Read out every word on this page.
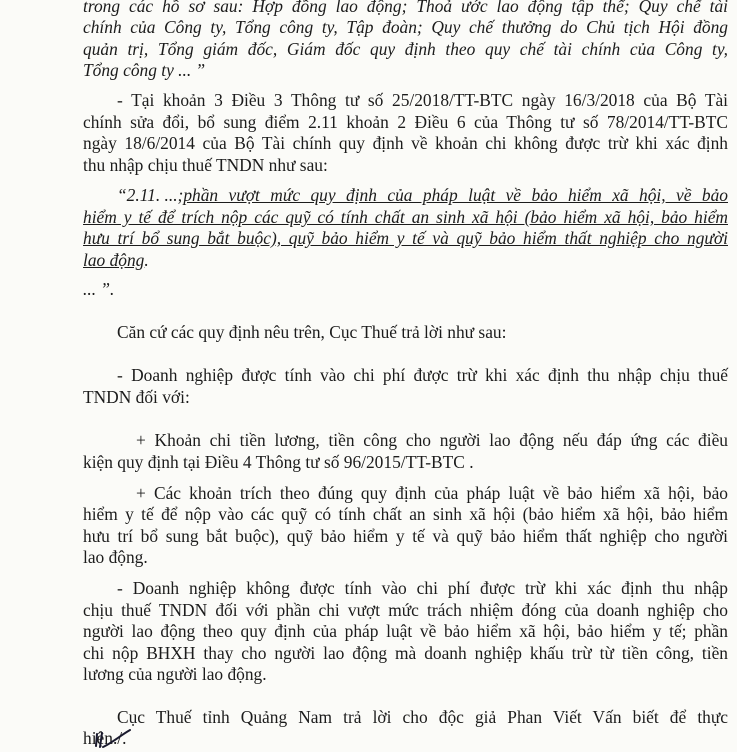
trong các hồ sơ sau: Hợp đồng lao động; Thoả ước lao động tập thể; Quy chế tài
chính của Công ty, Tổng công ty, Tập đoàn; Quy chế thưởng do Chủ tịch Hội đồng
quản trị, Tổng giám đốc, Giám đốc quy định theo quy chế tài chính của Công ty,
Tổng công ty ... ”
- Tại khoản 3 Điều 3 Thông tư số 25/2018/TT-BTC ngày 16/3/2018 của Bộ Tài
chính sửa đổi, bổ sung điểm 2.11 khoản 2 Điều 6 của Thông tư số 78/2014/TT-BTC
ngày 18/6/2014 của Bộ Tài chính quy định về khoản chi không được trừ khi xác định
thu nhập chịu thuế TNDN như sau:
“2.11. ...; phần vượt mức quy định của pháp luật về bảo hiểm xã hội, về bảo
hiểm y tế để trích nộp các quỹ có tính chất an sinh xã hội (bảo hiểm xã hội, bảo hiểm
hưu trí bổ sung bắt buộc), quỹ bảo hiểm y tế và quỹ bảo hiểm thất nghiệp cho người
lao động.
... ”.
Căn cứ các quy định nêu trên, Cục Thuế trả lời như sau:
- Doanh nghiệp được tính vào chi phí được trừ khi xác định thu nhập chịu thuế
TNDN đối với:
+ Khoản chi tiền lương, tiền công cho người lao động nếu đáp ứng các điều
kiện quy định tại Điều 4 Thông tư số 96/2015/TT-BTC .
+ Các khoản trích theo đúng quy định của pháp luật về bảo hiểm xã hội, bảo
hiểm y tế để nộp vào các quỹ có tính chất an sinh xã hội (bảo hiểm xã hội, bảo hiểm
hưu trí bổ sung bắt buộc), quỹ bảo hiểm y tế và quỹ bảo hiểm thất nghiệp cho người
lao động.
- Doanh nghiệp không được tính vào chi phí được trừ khi xác định thu nhập
chịu thuế TNDN đối với phần chi vượt mức trách nhiệm đóng của doanh nghiệp cho
người lao động theo quy định của pháp luật về bảo hiểm xã hội, bảo hiểm y tế; phần
chi nộp BHXH thay cho người lao động mà doanh nghiệp khấu trừ từ tiền công, tiền
lương của người lao động.
Cục Thuế tỉnh Quảng Nam trả lời cho độc giả Phan Viết Vấn biết để thực
hiện./.
